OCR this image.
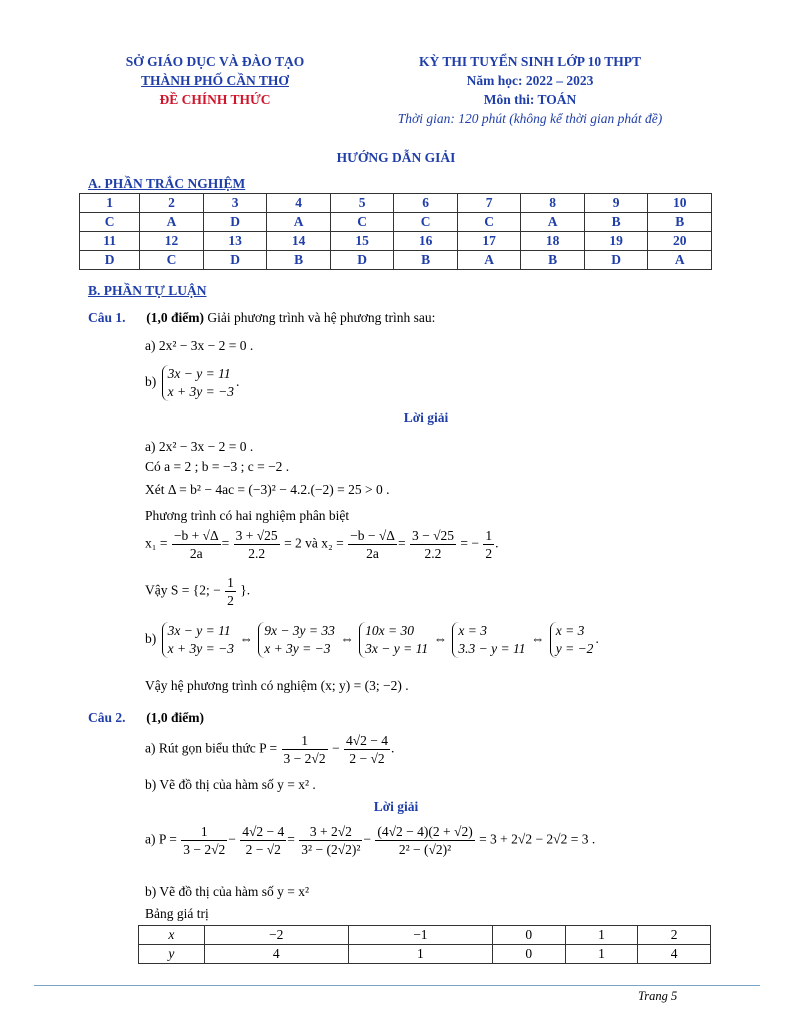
SỞ GIÁO DỤC VÀ ĐÀO TẠO
THÀNH PHỐ CẦN THƠ
ĐỀ CHÍNH THỨC
KỲ THI TUYỂN SINH LỚP 10 THPT
Năm học: 2022 – 2023
Môn thi: TOÁN
Thời gian: 120 phút (không kể thời gian phát đề)
HƯỚNG DẪN GIẢI
A. PHẦN TRẮC NGHIỆM
1	2	3	4	5	6	7	8	9	10
C	A	D	A	C	C	C	A	B	B
11	12	13	14	15	16	17	18	19	20
D	C	D	B	D	B	A	B	D	A
B. PHẦN TỰ LUẬN
Câu 1. (1,0 điểm) Giải phương trình và hệ phương trình sau:
a) 2x² − 3x − 2 = 0 .
b)
3x − y = 11
x + 3y = −3
.
Lời giải
a) 2x² − 3x − 2 = 0 .
Có a = 2 ; b = −3 ; c = −2 .
Xét Δ = b² − 4ac = (−3)² − 4.2.(−2) = 25 > 0 .
Phương trình có hai nghiệm phân biệt
$x_1 = \frac{-b + √\Delta}{2a} = \frac{3 + √25}{2.2} = 2$ và $x_2 = \frac{-b - √\Delta}{2a} = \frac{3 - √25}{2.2}$ = − $\frac{1}{2}$ .
Vậy S = {2; − $\frac{1}{2}$ }.
b)
3x − y = 11
x + 3y = −3
⇔
9x − 3y = 33
x + 3y = −3
⇔
10x = 30
3x − y = 11
⇔
x = 3
3.3 − y = 11
⇔
x = 3
y = −2
.
Vậy hệ phương trình có nghiệm (x; y) = (3; −2) .
Câu 2. (1,0 điểm)
a) Rút gọn biểu thức $P = \frac{1}{3 - 2√2} - \frac{4√2 - 4}{2 - √2}$ .
b) Vẽ đồ thị của hàm số y = x² .
Lời giải
a) $P = \frac{1}{3 - 2√2} - \frac{4√2 - 4}{2 - √2} = \frac{3 + 2√2}{\text{3² − (2√2)²}} - \frac{(4√2 - 4)(2 + √2)}{\text{2² − (√2)²}} = 3 + 2√2 - 2√2 = 3$ .
b) Vẽ đồ thị của hàm số y = x²
Bảng giá trị
x	−2	−1	0	1	2
y	4	1	0	1	4
Trang 5
